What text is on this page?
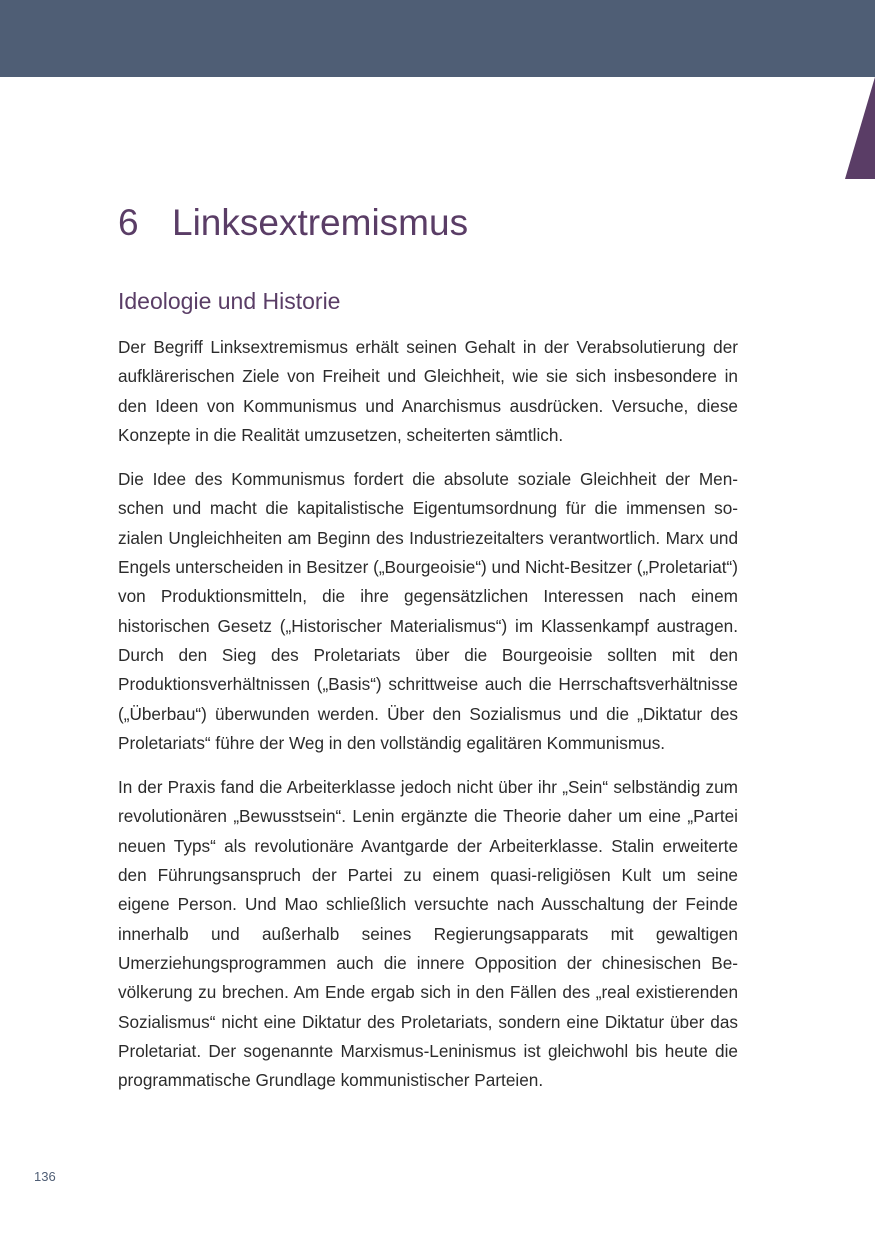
6 Linksextremismus
Ideologie und Historie

Der Begriff Linksextremismus erhält seinen Gehalt in der Verabsolutierung der aufklärerischen Ziele von Freiheit und Gleichheit, wie sie sich insbesondere in den Ideen von Kommunismus und Anarchismus ausdrücken. Versuche, diese Konzepte in die Realität umzusetzen, scheiterten sämtlich.

Die Idee des Kommunismus fordert die absolute soziale Gleichheit der Menschen und macht die kapitalistische Eigentumsordnung für die immensen sozialen Ungleichheiten am Beginn des Industriezeitalters verantwortlich. Marx und Engels unterscheiden in Besitzer („Bourgeoisie“) und Nicht-Besitzer („Proletariat“) von Produktionsmitteln, die ihre gegensätzlichen Interessen nach einem historischen Gesetz („Historischer Materialismus“) im Klassenkampf austragen. Durch den Sieg des Proletariats über die Bourgeoisie sollten mit den Produktionsverhältnissen („Basis“) schrittweise auch die Herrschaftsverhältnisse („Überbau“) überwunden werden. Über den Sozialismus und die „Diktatur des Proletariats“ führe der Weg in den vollständig egalitären Kommunismus.

In der Praxis fand die Arbeiterklasse jedoch nicht über ihr „Sein“ selbständig zum revolutionären „Bewusstsein“. Lenin ergänzte die Theorie daher um eine „Partei neuen Typs“ als revolutionäre Avantgarde der Arbeiterklasse. Stalin erweiterte den Führungsanspruch der Partei zu einem quasi-religiösen Kult um seine eigene Person. Und Mao schließlich versuchte nach Ausschaltung der Feinde innerhalb und außerhalb seines Regierungsapparats mit gewaltigen Umerziehungsprogrammen auch die innere Opposition der chinesischen Bevölkerung zu brechen. Am Ende ergab sich in den Fällen des „real existierenden Sozialismus“ nicht eine Diktatur des Proletariats, sondern eine Diktatur über das Proletariat. Der sogenannte Marxismus-Leninismus ist gleichwohl bis heute die programmatische Grundlage kommunistischer Parteien.

136
